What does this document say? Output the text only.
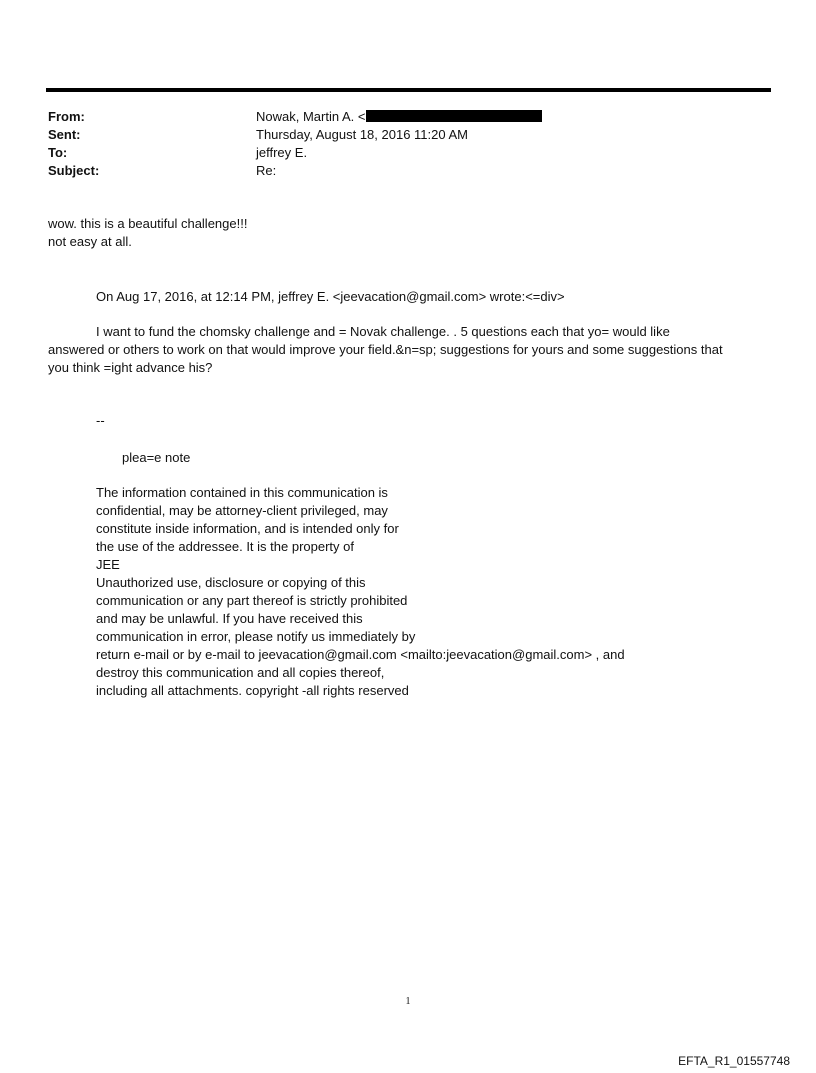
From:	Nowak, Martin A. <
Sent:	Thursday, August 18, 2016 11:20 AM
To:	jeffrey E.
Subject:	Re:
wow. this is a beautiful challenge!!!
not easy at all.
On Aug 17, 2016, at 12:14 PM, jeffrey E. <jeevacation@gmail.com> wrote:<=div>
I want to fund the chomsky challenge and = Novak challenge. . 5 questions each that yo= would like
answered or others to work on that would improve your field.&n=sp; suggestions for yours and some suggestions that
you think =ight advance his?
--
plea=e note
The information contained in this communication is
confidential, may be attorney-client privileged, may
constitute inside information, and is intended only for
the use of the addressee. It is the property of
JEE
Unauthorized use, disclosure or copying of this
communication or any part thereof is strictly prohibited
and may be unlawful. If you have received this
communication in error, please notify us immediately by
return e-mail or by e-mail to jeevacation@gmail.com <mailto:jeevacation@gmail.com> , and
destroy this communication and all copies thereof,
including all attachments. copyright -all rights reserved
1
EFTA_R1_01557748
